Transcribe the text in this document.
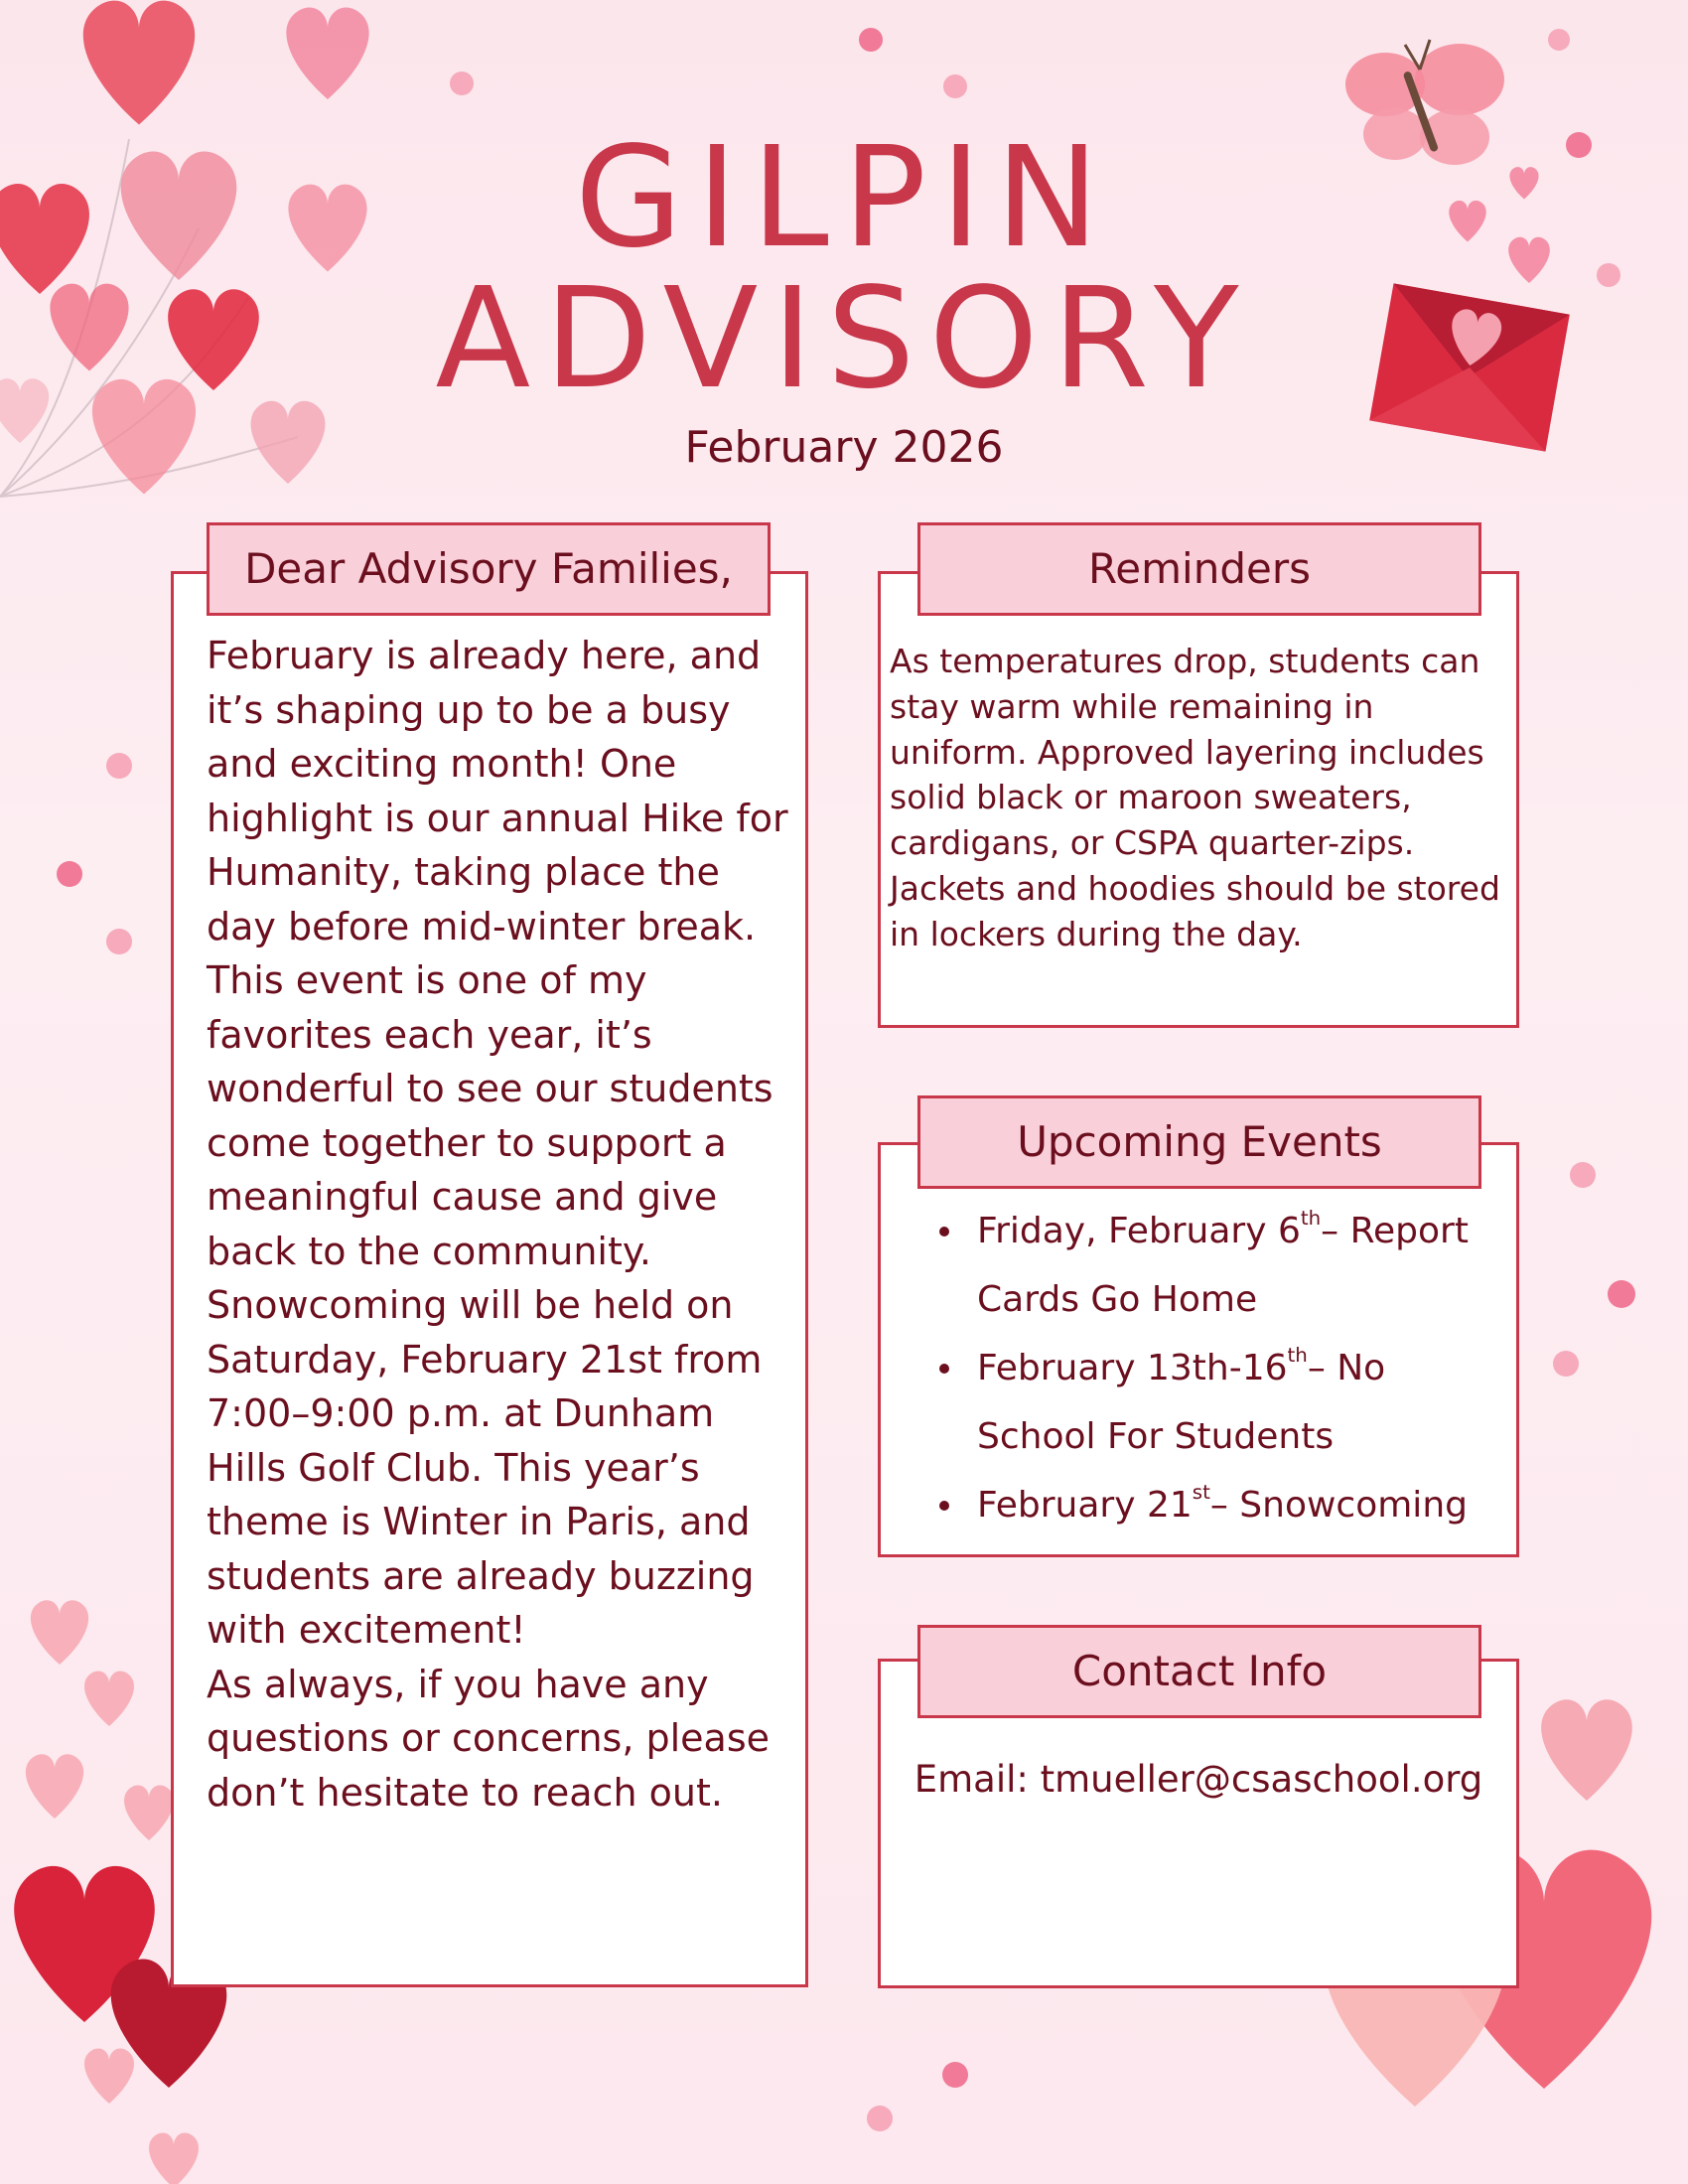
GILPIN
ADVISORY
February 2026
Dear Advisory Families,

February is already here, and it’s shaping up to be a busy and exciting month! One highlight is our annual Hike for Humanity, taking place the day before mid-winter break. This event is one of my favorites each year, it’s wonderful to see our students come together to support a meaningful cause and give back to the community.

Snowcoming will be held on Saturday, February 21st from 7:00–9:00 p.m. at Dunham Hills Golf Club. This year’s theme is Winter in Paris, and students are already buzzing with excitement!

As always, if you have any questions or concerns, please don’t hesitate to reach out.

Reminders
As temperatures drop, students can stay warm while remaining in uniform. Approved layering includes solid black or maroon sweaters, cardigans, or CSPA quarter-zips. Jackets and hoodies should be stored in lockers during the day.
Upcoming Events
Friday, February 6th– Report Cards Go Home
February 13th-16th– No School For Students
February 21st– Snowcoming
Contact Info
Email: tmueller@csaschool.org
